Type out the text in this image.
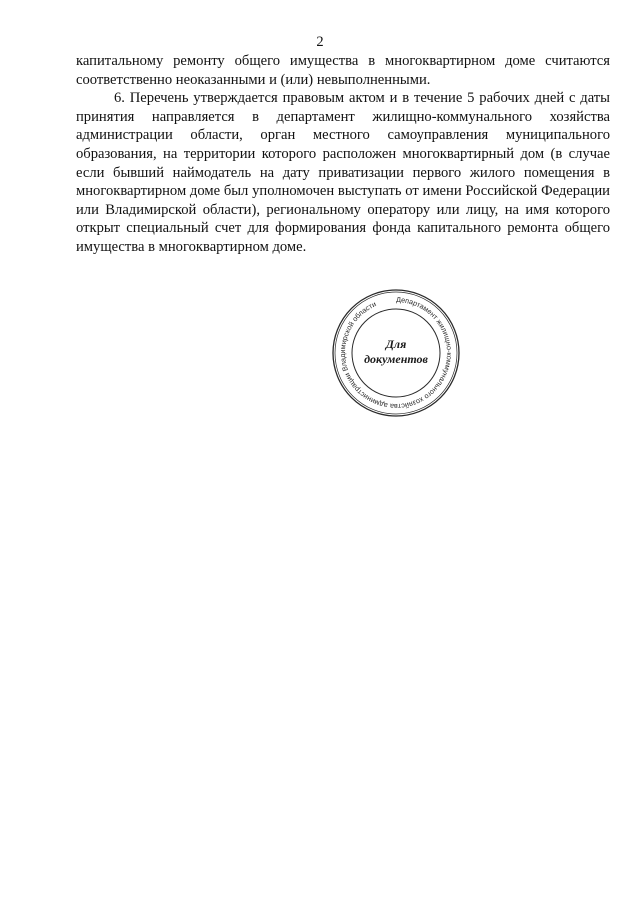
2

капитальному ремонту общего имущества в многоквартирном доме считаются соответственно неоказанными и (или) невыполненными.

6. Перечень утверждается правовым актом и в течение 5 рабочих дней с даты принятия направляется в департамент жилищно-коммунального хозяйства администрации области, орган местного самоуправления муниципального образования, на территории которого расположен многоквартирный дом (в случае если бывший наймодатель на дату приватизации первого жилого помещения в многоквартирном доме был уполномочен выступать от имени Российской Федерации или Владимирской области), региональному оператору или лицу, на имя которого открыт специальный счет для формирования фонда капитального ремонта общего имущества в многоквартирном доме.

Департамент жилищно-коммунального хозяйства администрации Владимирской области
Для
документов
